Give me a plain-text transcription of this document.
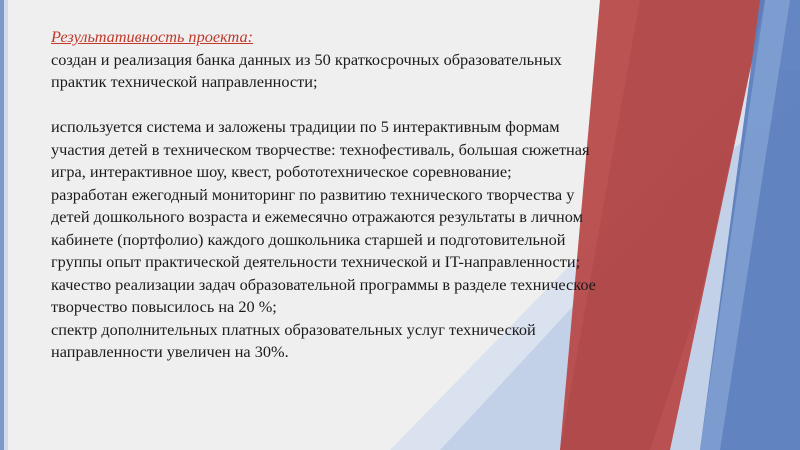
Результативность проекта:

создан и реализация банка данных из 50 краткосрочных образовательных

практик технической направленности;

используется система и заложены традиции по 5 интерактивным формам

участия детей в техническом творчестве: технофестиваль, большая сюжетная

игра, интерактивное шоу, квест, робототехническое соревнование;

разработан ежегодный мониторинг по развитию технического творчества у

детей дошкольного возраста и ежемесячно отражаются результаты в личном

кабинете (портфолио) каждого дошкольника старшей и подготовительной

группы опыт практической деятельности технической и IT-направленности;

качество реализации задач образовательной программы в разделе техническое

творчество повысилось на 20 %;

спектр дополнительных платных образовательных услуг технической

направленности увеличен на 30%.
